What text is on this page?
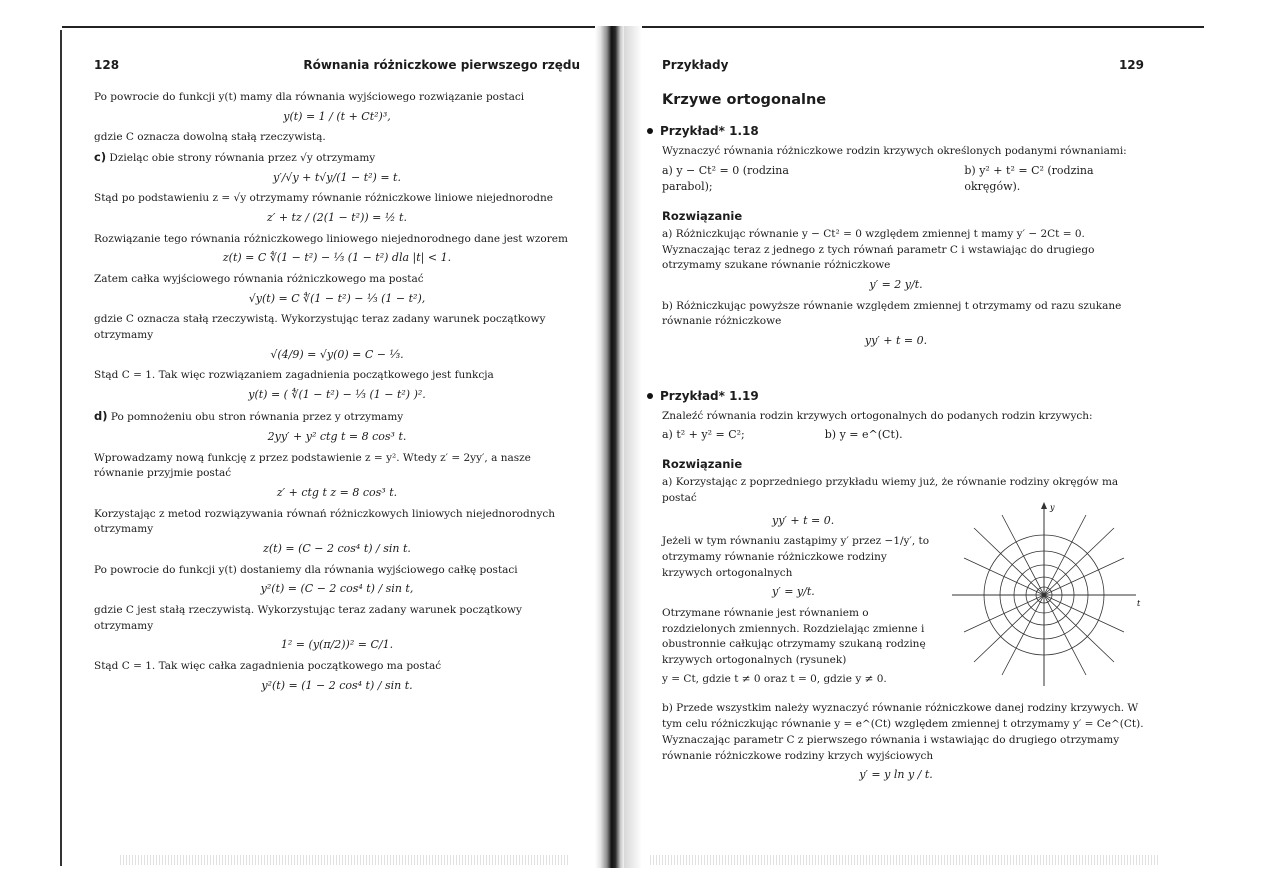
128	Równania różniczkowe pierwszego rzędu

Po powrocie do funkcji y(t) mamy dla równania wyjściowego rozwiązanie postaci

y(t) = 1 / (t + Ct²)³,

gdzie C oznacza dowolną stałą rzeczywistą.

c) Dzieląc obie strony równania przez √y otrzymamy

y′/√y + t√y/(1 − t²) = t.

Stąd po podstawieniu z = √y otrzymamy równanie różniczkowe liniowe niejednorodne

z′ + tz / (2(1 − t²)) = ½ t.

Rozwiązanie tego równania różniczkowego liniowego niejednorodnego dane jest wzorem

z(t) = C ∜(1 − t²) − ⅓ (1 − t²) dla |t| < 1.

Zatem całka wyjściowego równania różniczkowego ma postać

√y(t) = C ∜(1 − t²) − ⅓ (1 − t²),

gdzie C oznacza stałą rzeczywistą. Wykorzystując teraz zadany warunek początkowy otrzymamy

√(4/9) = √y(0) = C − ⅓.

Stąd C = 1. Tak więc rozwiązaniem zagadnienia początkowego jest funkcja

y(t) = ( ∜(1 − t²) − ⅓ (1 − t²) )².

d) Po pomnożeniu obu stron równania przez y otrzymamy

2yy′ + y² ctg t = 8 cos³ t.

Wprowadzamy nową funkcję z przez podstawienie z = y². Wtedy z′ = 2yy′, a nasze równanie przyjmie postać

z′ + ctg t z = 8 cos³ t.

Korzystając z metod rozwiązywania równań różniczkowych liniowych niejednorodnych otrzymamy

z(t) = (C − 2 cos⁴ t) / sin t.

Po powrocie do funkcji y(t) dostaniemy dla równania wyjściowego całkę postaci

y²(t) = (C − 2 cos⁴ t) / sin t,

gdzie C jest stałą rzeczywistą. Wykorzystując teraz zadany warunek początkowy otrzymamy

1² = (y(π/2))² = C/1.

Stąd C = 1. Tak więc całka zagadnienia początkowego ma postać

y²(t) = (1 − 2 cos⁴ t) / sin t.
Przykłady	129
Krzywe ortogonalne
Przykład* 1.18

Wyznaczyć równania różniczkowe rodzin krzywych określonych podanymi równaniami:

a) y − Ct² = 0 (rodzina parabol);
b) y² + t² = C² (rodzina okręgów).
Rozwiązanie

a) Różniczkując równanie y − Ct² = 0 względem zmiennej t mamy y′ − 2Ct = 0. Wyznaczając teraz z jednego z tych równań parametr C i wstawiając do drugiego otrzymamy szukane równanie różniczkowe

y′ = 2 y/t.

b) Różniczkując powyższe równanie względem zmiennej t otrzymamy od razu szukane równanie różniczkowe

yy′ + t = 0.
Przykład* 1.19

Znaleźć równania rodzin krzywych ortogonalnych do podanych rodzin krzywych:

a) t² + y² = C²;	b) y = e^(Ct).
Rozwiązanie

a) Korzystając z poprzedniego przykładu wiemy już, że równanie rodziny okręgów ma postać

yy′ + t = 0.

Jeżeli w tym równaniu zastąpimy y′ przez −1/y′, to otrzymamy równanie różniczkowe rodziny krzywych ortogonalnych

y′ = y/t.

Otrzymane równanie jest równaniem o rozdzielonych zmiennych. Rozdzielając zmienne i obustronnie całkując otrzymamy szukaną rodzinę krzywych ortogonalnych (rysunek)

y = Ct, gdzie t ≠ 0 oraz t = 0, gdzie y ≠ 0.

y
t

b) Przede wszystkim należy wyznaczyć równanie różniczkowe danej rodziny krzywych. W tym celu różniczkując równanie y = e^(Ct) względem zmiennej t otrzymamy y′ = Ce^(Ct). Wyznaczając parametr C z pierwszego równania i wstawiając do drugiego otrzymamy równanie różniczkowe rodziny krzych wyjściowych

y′ = y ln y / t.
